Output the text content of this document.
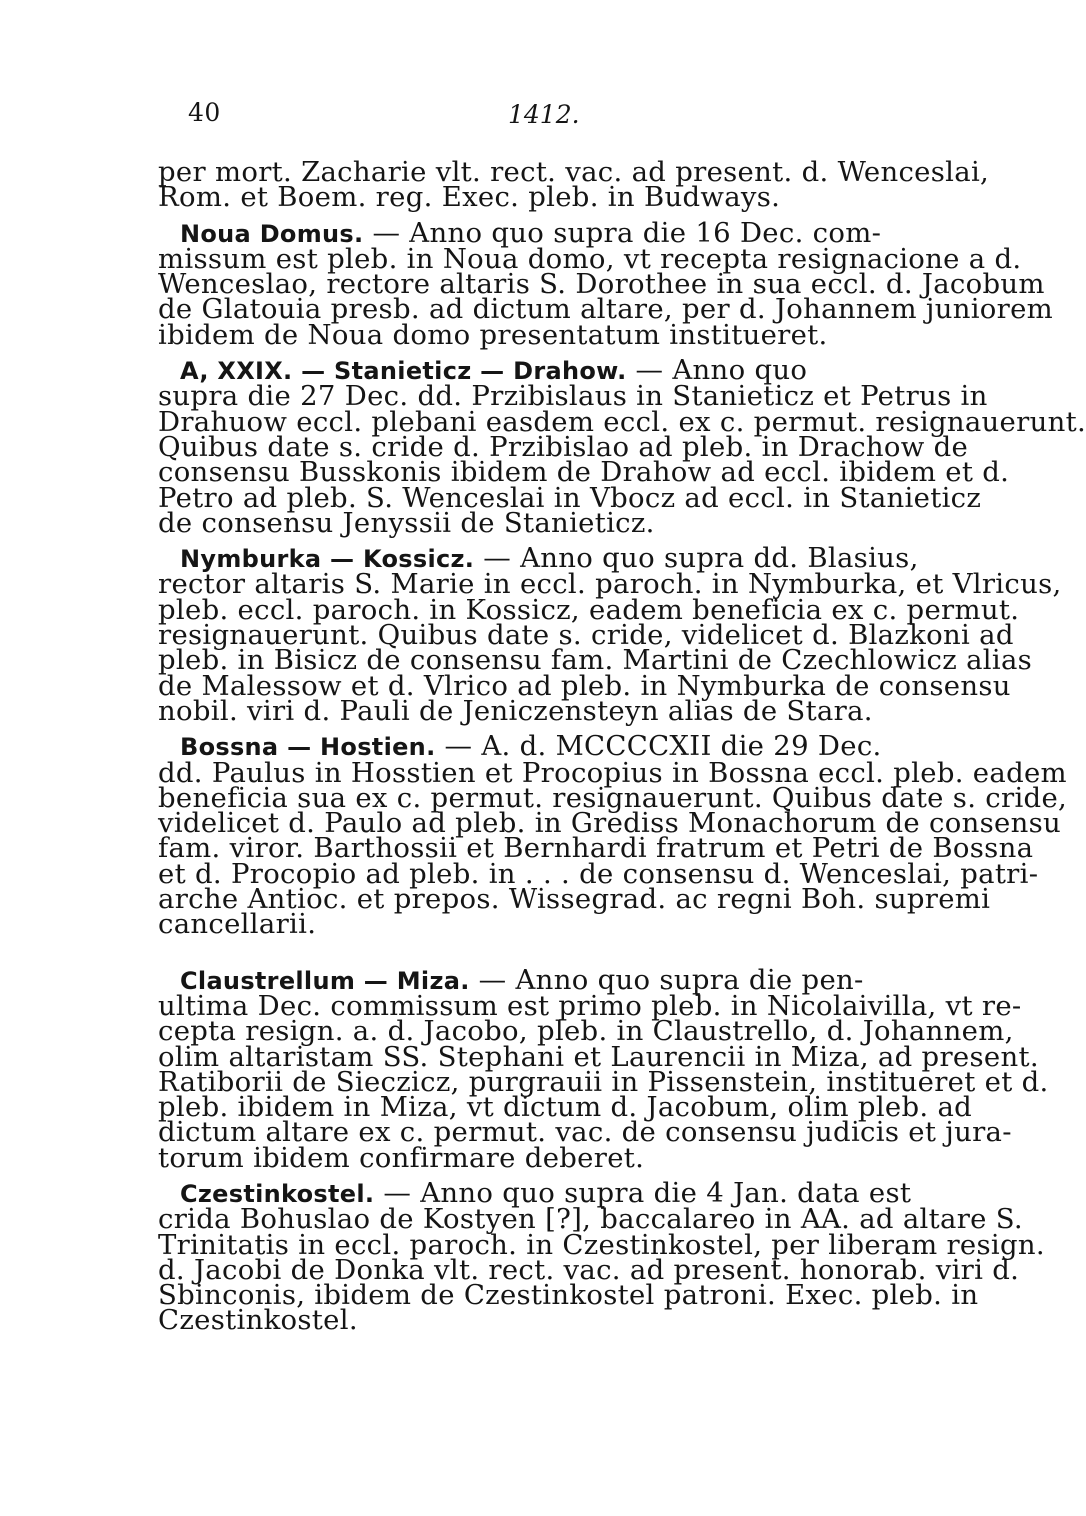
40	1412.
per mort. Zacharie vlt. rect. vac. ad present. d. Wenceslai,
Rom. et Boem. reg. Exec. pleb. in Budways.
Noua Domus. — Anno quo supra die 16 Dec. com-
missum est pleb. in Noua domo, vt recepta resignacione a d.
Wenceslao, rectore altaris S. Dorothee in sua eccl. d. Jacobum
de Glatouia presb. ad dictum altare, per d. Johannem juniorem
ibidem de Noua domo presentatum institueret.
A, XXIX. — Stanieticz — Drahow. — Anno quo
supra die 27 Dec. dd. Przibislaus in Stanieticz et Petrus in
Drahuow eccl. plebani easdem eccl. ex c. permut. resignauerunt.
Quibus date s. cride d. Przibislao ad pleb. in Drachow de
consensu Busskonis ibidem de Drahow ad eccl. ibidem et d.
Petro ad pleb. S. Wenceslai in Vbocz ad eccl. in Stanieticz
de consensu Jenyssii de Stanieticz.
Nymburka — Kossicz. — Anno quo supra dd. Blasius,
rector altaris S. Marie in eccl. paroch. in Nymburka, et Vlricus,
pleb. eccl. paroch. in Kossicz, eadem beneficia ex c. permut.
resignauerunt. Quibus date s. cride, videlicet d. Blazkoni ad
pleb. in Bisicz de consensu fam. Martini de Czechlowicz alias
de Malessow et d. Vlrico ad pleb. in Nymburka de consensu
nobil. viri d. Pauli de Jeniczensteyn alias de Stara.
Bossna — Hostien. — A. d. MCCCCXII die 29 Dec.
dd. Paulus in Hosstien et Procopius in Bossna eccl. pleb. eadem
beneficia sua ex c. permut. resignauerunt. Quibus date s. cride,
videlicet d. Paulo ad pleb. in Grediss Monachorum de consensu
fam. viror. Barthossii et Bernhardi fratrum et Petri de Bossna
et d. Procopio ad pleb. in . . . de consensu d. Wenceslai, patri-
arche Antioc. et prepos. Wissegrad. ac regni Boh. supremi
cancellarii.
Claustrellum — Miza. — Anno quo supra die pen-
ultima Dec. commissum est primo pleb. in Nicolaivilla, vt re-
cepta resign. a. d. Jacobo, pleb. in Claustrello, d. Johannem,
olim altaristam SS. Stephani et Laurencii in Miza, ad present.
Ratiborii de Sieczicz, purgrauii in Pissenstein, institueret et d.
pleb. ibidem in Miza, vt dictum d. Jacobum, olim pleb. ad
dictum altare ex c. permut. vac. de consensu judicis et jura-
torum ibidem confirmare deberet.
Czestinkostel. — Anno quo supra die 4 Jan. data est
crida Bohuslao de Kostyen [?], baccalareo in AA. ad altare S.
Trinitatis in eccl. paroch. in Czestinkostel, per liberam resign.
d. Jacobi de Donka vlt. rect. vac. ad present. honorab. viri d.
Sbinconis, ibidem de Czestinkostel patroni. Exec. pleb. in
Czestinkostel.
